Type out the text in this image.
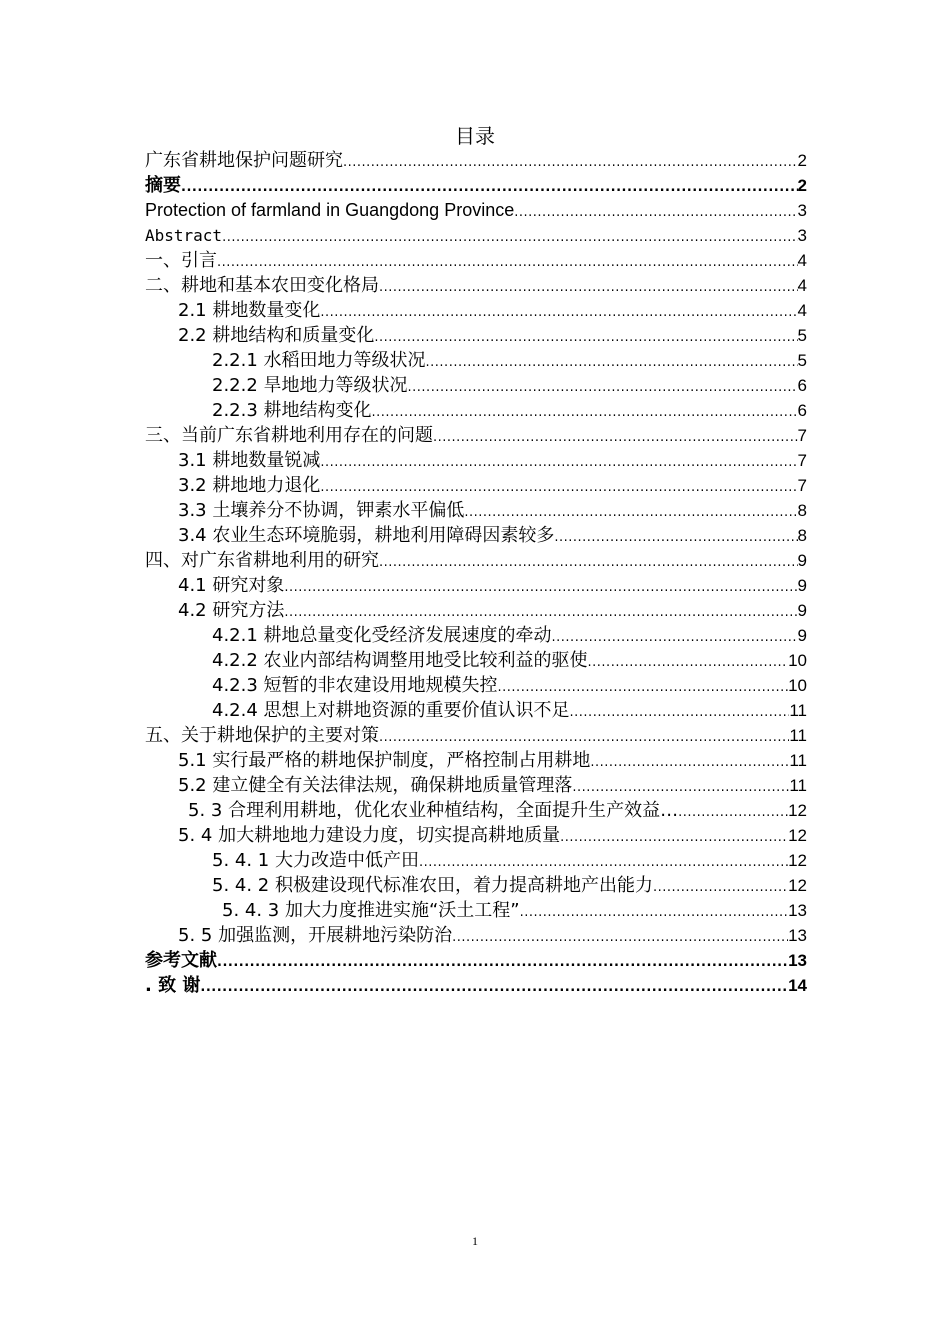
目录
广东省耕地保护问题研究 .....	2
摘要 .....	2
Protection of farmland in Guangdong Province .....	3
Abstract .....	3
一、引言 .....	4
二、耕地和基本农田变化格局 .....	4
2.1 耕地数量变化 .....	4
2.2 耕地结构和质量变化 .....	5
2.2.1 水稻田地力等级状况 .....	5
2.2.2 旱地地力等级状况 .....	6
2.2.3 耕地结构变化 .....	6
三、当前广东省耕地利用存在的问题 .....	7
3.1 耕地数量锐减 .....	7
3.2 耕地地力退化 .....	7
3.3 土壤养分不协调，钾素水平偏低 .....	8
3.4 农业生态环境脆弱，耕地利用障碍因素较多 .....	8
四、对广东省耕地利用的研究 .....	9
4.1 研究对象 .....	9
4.2 研究方法 .....	9
4.2.1 耕地总量变化受经济发展速度的牵动 .....	9
4.2.2 农业内部结构调整用地受比较利益的驱使 .....	10
4.2.3 短暂的非农建设用地规模失控 .....	10
4.2.4 思想上对耕地资源的重要价值认识不足 .....	11
五、关于耕地保护的主要对策 .....	11
5.1 实行最严格的耕地保护制度，严格控制占用耕地 .....	11
5.2 建立健全有关法律法规，确保耕地质量管理落 .....	11
5. 3 合理利用耕地，优化农业种植结构，全面提升生产效益… .....	12
5. 4 加大耕地地力建设力度，切实提高耕地质量 .....	12
5. 4. 1 大力改造中低产田 .....	12
5. 4. 2 积极建设现代标准农田，着力提高耕地产出能力 .....	12
5. 4. 3 加大力度推进实施“沃土工程” .....	13
5. 5 加强监测，开展耕地污染防治 .....	13
参考文献 .....	13
. 致 谢 .....	14
1
